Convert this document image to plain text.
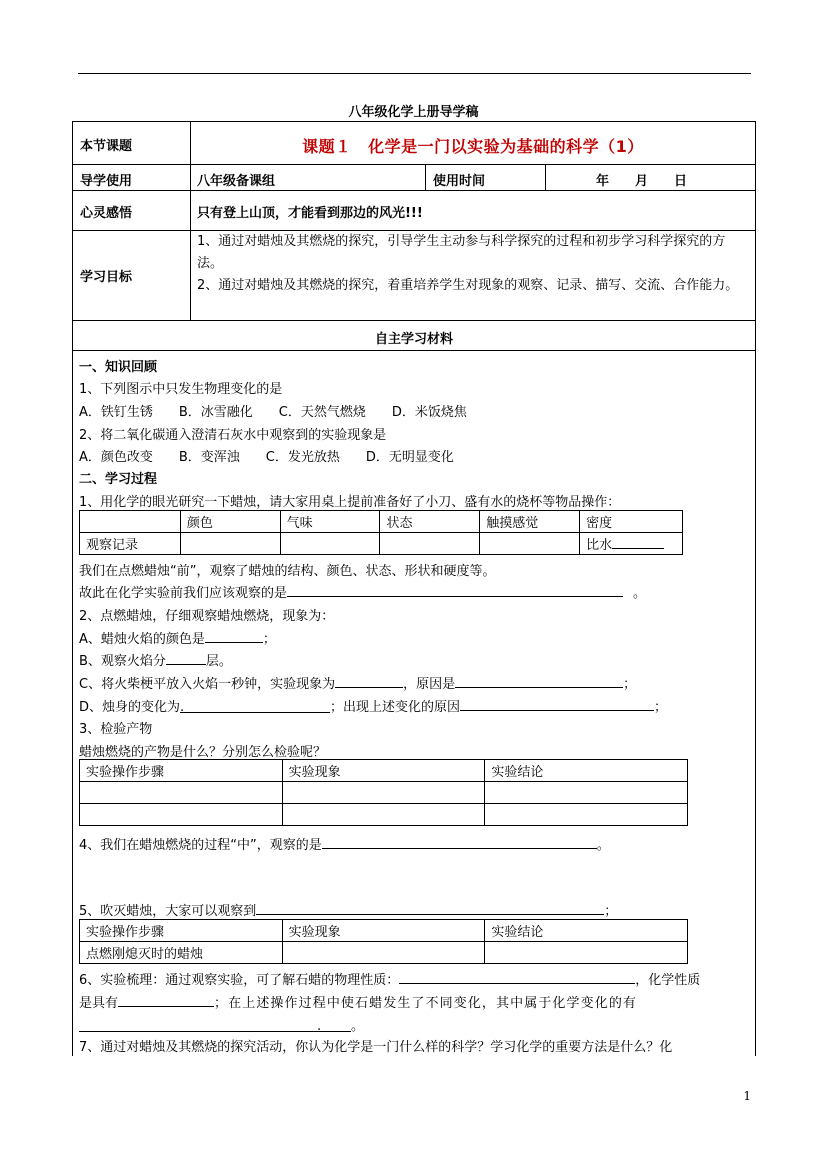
八年级化学上册导学稿
本节课题	课题１　化学是一门以实验为基础的科学（1）
导学使用	八年级备课组	使用时间	年　　月　　日
心灵感悟	只有登上山顶，才能看到那边的风光!!!
学习目标
1、通过对蜡烛及其燃烧的探究，引导学生主动参与科学探究的过程和初步学习科学探究的方法。
2、通过对蜡烛及其燃烧的探究，着重培养学生对现象的观察、记录、描写、交流、合作能力。
自主学习材料
一、知识回顾
1、下列图示中只发生物理变化的是
A．铁钉生锈　　B．冰雪融化　　C．天然气燃烧　　D．米饭烧焦
2、将二氧化碳通入澄清石灰水中观察到的实验现象是
A．颜色改变　　B．变浑浊　　C．发光放热　　D．无明显变化
二、学习过程
1、用化学的眼光研究一下蜡烛，请大家用桌上提前准备好了小刀、盛有水的烧杯等物品操作：
	颜色	气味	状态	触摸感觉	密度
观察记录					比水
我们在点燃蜡烛“前”，观察了蜡烛的结构、颜色、状态、形状和硬度等。
故此在化学实验前我们应该观察的是	。
2、点燃蜡烛，仔细观察蜡烛燃烧，现象为：
A、蜡烛火焰的颜色是	；
B、观察火焰分	层。
C、将火柴梗平放入火焰一秒钟，实验现象为	，原因是	；
D、烛身的变化为.	；出现上述变化的原因	；
3、检验产物
蜡烛燃烧的产物是什么？分别怎么检验呢？
实验操作步骤	实验现象	实验结论

4、我们在蜡烛燃烧的过程“中”，观察的是	。
5、吹灭蜡烛，大家可以观察到	；
实验操作步骤	实验现象	实验结论
点燃刚熄灭时的蜡烛		
6、实验梳理：通过观察实验，可了解石蜡的物理性质：	，化学性质
是具有	；在上述操作过程中使石蜡发生了不同变化，其中属于化学变化的有
. 。
7、通过对蜡烛及其燃烧的探究活动，你认为化学是一门什么样的科学？学习化学的重要方法是什么？化
1
